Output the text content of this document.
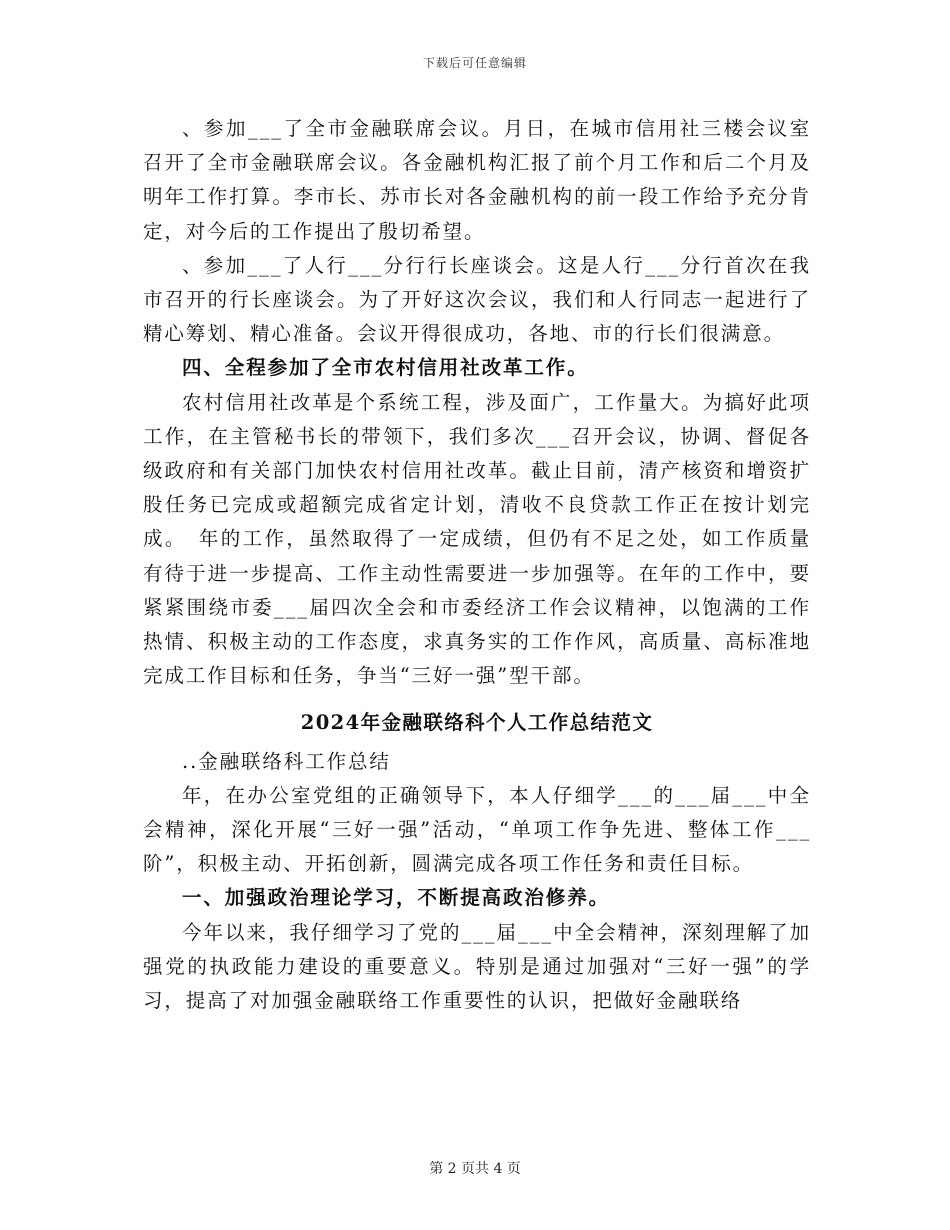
下载后可任意编辑

、参加___了全市金融联席会议。月日，在城市信用社三楼会议室召开了全市金融联席会议。各金融机构汇报了前个月工作和后二个月及明年工作打算。李市长、苏市长对各金融机构的前一段工作给予充分肯定，对今后的工作提出了殷切希望。

、参加___了人行___分行行长座谈会。这是人行___分行首次在我市召开的行长座谈会。为了开好这次会议，我们和人行同志一起进行了精心筹划、精心准备。会议开得很成功，各地、市的行长们很满意。

四、全程参加了全市农村信用社改革工作。

农村信用社改革是个系统工程，涉及面广，工作量大。为搞好此项工作，在主管秘书长的带领下，我们多次___召开会议，协调、督促各级政府和有关部门加快农村信用社改革。截止目前，清产核资和增资扩股任务已完成或超额完成省定计划，清收不良贷款工作正在按计划完成。　年的工作，虽然取得了一定成绩，但仍有不足之处，如工作质量有待于进一步提高、工作主动性需要进一步加强等。在年的工作中，要紧紧围绕市委___届四次全会和市委经济工作会议精神，以饱满的工作热情、积极主动的工作态度，求真务实的工作作风，高质量、高标准地完成工作目标和任务，争当“三好一强”型干部。

2024年金融联络科个人工作总结范文

..金融联络科工作总结

年，在办公室党组的正确领导下，本人仔细学___的___届___中全会精神，深化开展“三好一强”活动，“单项工作争先进、整体工作___阶”，积极主动、开拓创新，圆满完成各项工作任务和责任目标。

一、加强政治理论学习，不断提高政治修养。

今年以来，我仔细学习了党的___届___中全会精神，深刻理解了加强党的执政能力建设的重要意义。特别是通过加强对“三好一强”的学习，提高了对加强金融联络工作重要性的认识，把做好金融联络

第 2 页共 4 页
